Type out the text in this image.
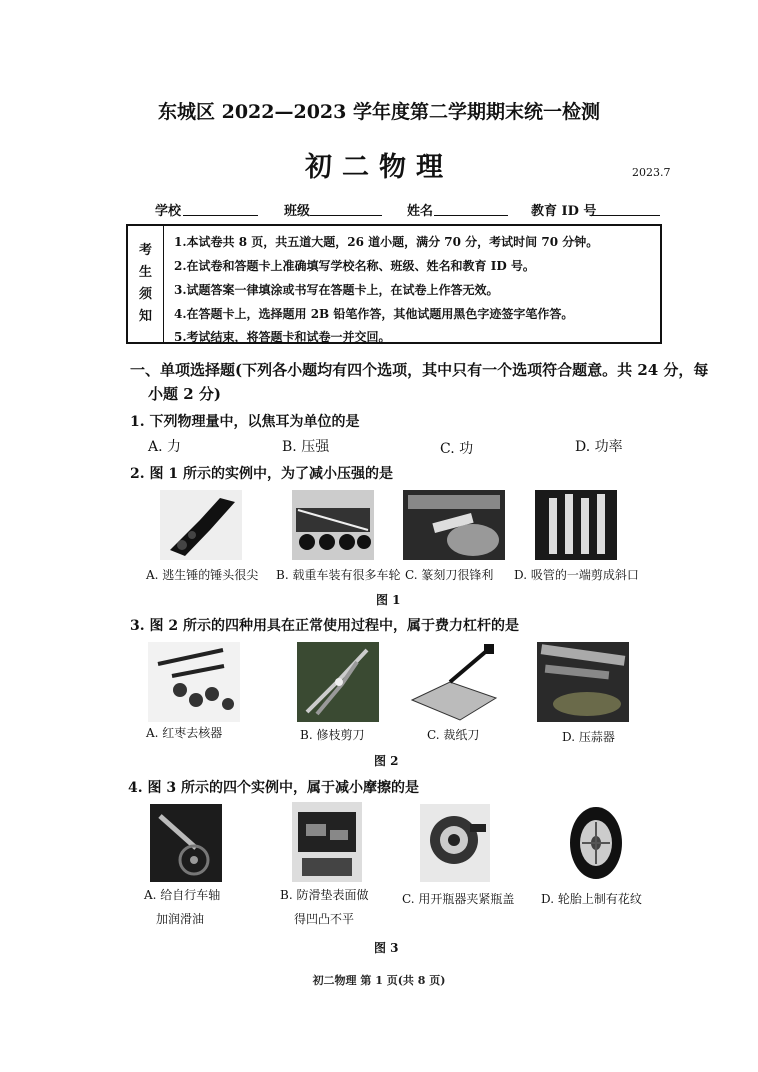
东城区 2022—2023 学年度第二学期期末统一检测
初二物理	2023.7
学校	班级	姓名	教育 ID 号
考
生
须
知
1.本试卷共 8 页，共五道大题，26 道小题，满分 70 分，考试时间 70 分钟。
2.在试卷和答题卡上准确填写学校名称、班级、姓名和教育 ID 号。
3.试题答案一律填涂或书写在答题卡上，在试卷上作答无效。
4.在答题卡上，选择题用 2B 铅笔作答，其他试题用黑色字迹签字笔作答。
5.考试结束，将答题卡和试卷一并交回。
一、单项选择题(下列各小题均有四个选项，其中只有一个选项符合题意。共 24 分，每
小题 2 分)
1. 下列物理量中，以焦耳为单位的是
A. 力	B. 压强	C. 功	D. 功率
2. 图 1 所示的实例中，为了减小压强的是
A. 逃生锤的锤头很尖 B. 载重车装有很多车轮 C. 篆刻刀很锋利 D. 吸管的一端剪成斜口
图 1
3. 图 2 所示的四种用具在正常使用过程中，属于费力杠杆的是
A. 红枣去核器	B. 修枝剪刀	C. 裁纸刀	D. 压蒜器
图 2
4. 图 3 所示的四个实例中，属于减小摩擦的是
A. 给自行车轴
加润滑油
B. 防滑垫表面做
得凹凸不平
C. 用开瓶器夹紧瓶盖 D. 轮胎上制有花纹
图 3
初二物理 第 1 页(共 8 页)
